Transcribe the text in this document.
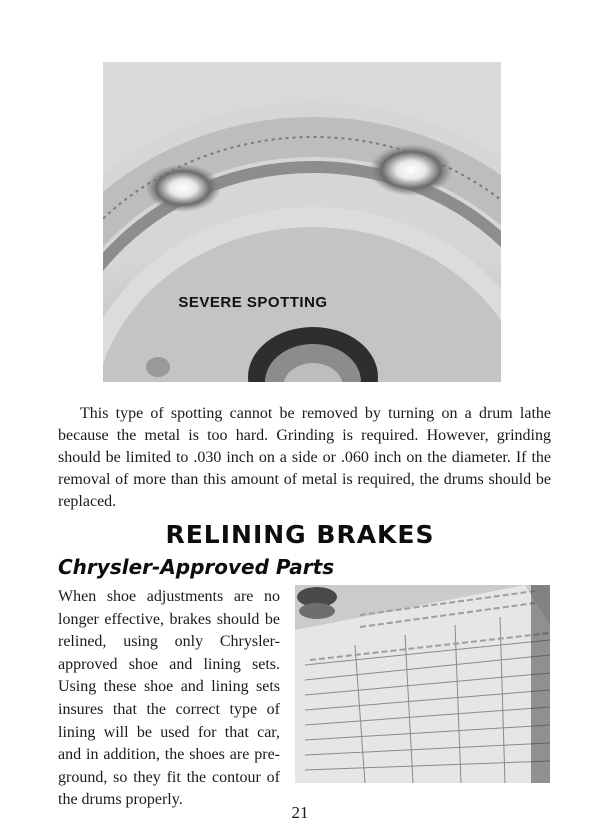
SEVERE SPOTTING

This type of spotting cannot be removed by turning on a drum lathe because the metal is too hard. Grinding is required. However, grinding should be limited to .030 inch on a side or .060 inch on the diameter. If the removal of more than this amount of metal is required, the drums should be replaced.

RELINING BRAKES
Chrysler-Approved Parts

When shoe adjustments are no longer effective, brakes should be relined, using only Chrysler-approved shoe and lining sets. Using these shoe and lining sets insures that the correct type of lining will be used for that car, and in addition, the shoes are pre-ground, so they fit the contour of the drums properly.

21
